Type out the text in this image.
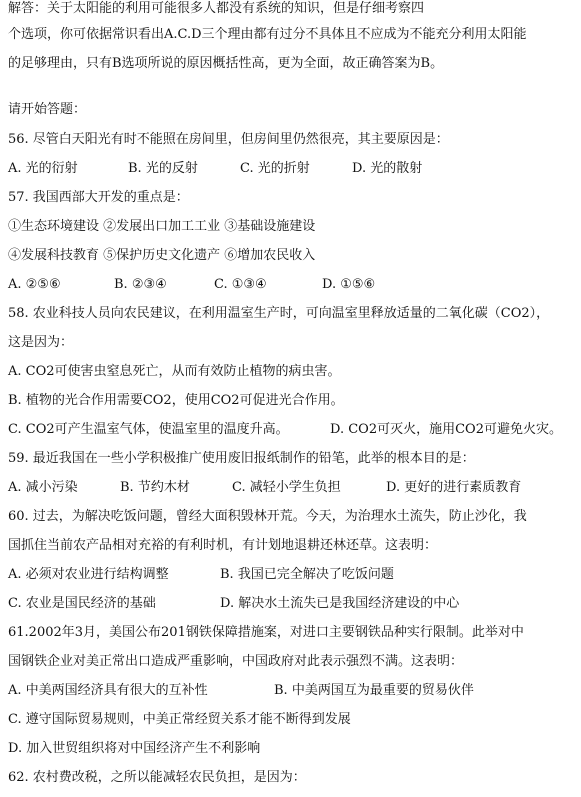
解答：关于太阳能的利用可能很多人都没有系统的知识，但是仔细考察四
个选项，你可依据常识看出A.C.D三个理由都有过分不具体且不应成为不能充分利用太阳能
的足够理由，只有B选项所说的原因概括性高，更为全面，故正确答案为B。
请开始答题：
56. 尽管白天阳光有时不能照在房间里，但房间里仍然很亮，其主要原因是：
A. 光的衍射	B. 光的反射	C. 光的折射	D. 光的散射
57. 我国西部大开发的重点是：
①生态环境建设 ②发展出口加工工业 ③基础设施建设
④发展科技教育 ⑤保护历史文化遗产 ⑥增加农民收入
A. ②⑤⑥	B. ②③④	C. ①③④	D. ①⑤⑥
58. 农业科技人员向农民建议，在利用温室生产时，可向温室里释放适量的二氧化碳（CO2），
这是因为：
A. CO2可使害虫窒息死亡，从而有效防止植物的病虫害。
B. 植物的光合作用需要CO2，使用CO2可促进光合作用。
C. CO2可产生温室气体，使温室里的温度升高。	D. CO2可灭火，施用CO2可避免火灾。
59. 最近我国在一些小学积极推广使用废旧报纸制作的铅笔，此举的根本目的是：
A. 减小污染	B. 节约木材	C. 减轻小学生负担	D. 更好的进行素质教育
60. 过去，为解决吃饭问题，曾经大面积毁林开荒。今天，为治理水土流失，防止沙化，我
国抓住当前农产品相对充裕的有利时机，有计划地退耕还林还草。这表明：
A. 必须对农业进行结构调整	B. 我国已完全解决了吃饭问题
C. 农业是国民经济的基础	D. 解决水土流失已是我国经济建设的中心
61.2002年3月，美国公布201钢铁保障措施案，对进口主要钢铁品种实行限制。此举对中
国钢铁企业对美正常出口造成严重影响，中国政府对此表示强烈不满。这表明：
A. 中美两国经济具有很大的互补性	B. 中美两国互为最重要的贸易伙伴
C. 遵守国际贸易规则，中美正常经贸关系才能不断得到发展
D. 加入世贸组织将对中国经济产生不利影响
62. 农村费改税，之所以能减轻农民负担，是因为：
